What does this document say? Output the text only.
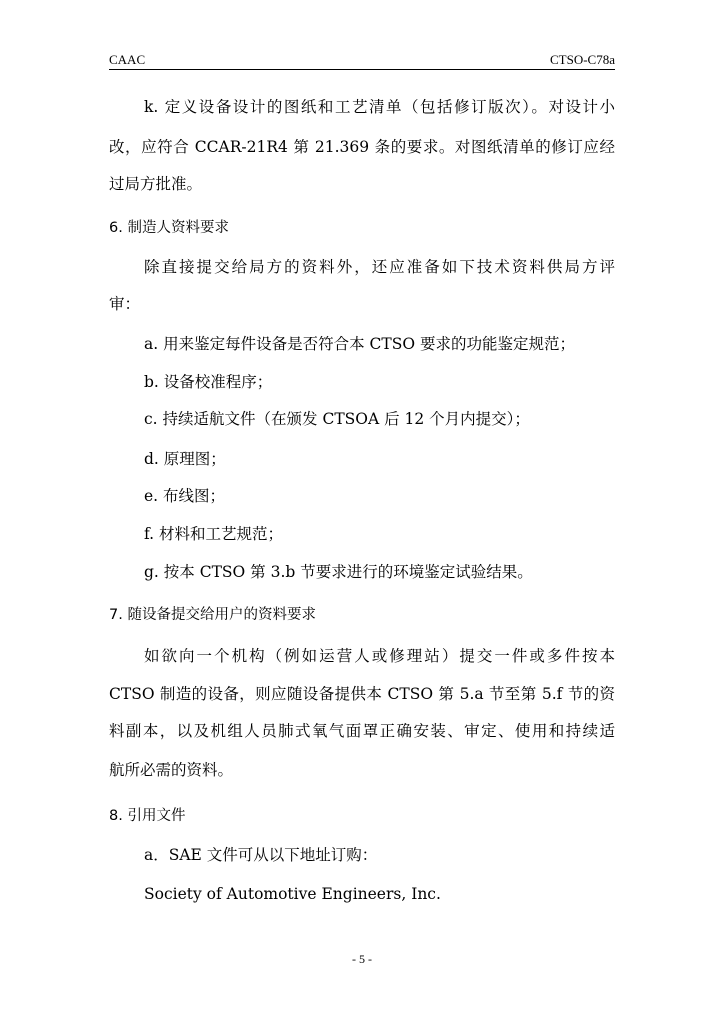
CAAC	CTSO-C78a
k. 定义设备设计的图纸和工艺清单（包括修订版次）。对设计小
改，应符合 CCAR-21R4 第 21.369 条的要求。对图纸清单的修订应经
过局方批准。
6. 制造人资料要求
除直接提交给局方的资料外，还应准备如下技术资料供局方评
审：
a. 用来鉴定每件设备是否符合本 CTSO 要求的功能鉴定规范；
b. 设备校准程序；
c. 持续适航文件（在颁发 CTSOA 后 12 个月内提交）；
d. 原理图；
e. 布线图；
f. 材料和工艺规范；
g. 按本 CTSO 第 3.b 节要求进行的环境鉴定试验结果。
7. 随设备提交给用户的资料要求
如欲向一个机构（例如运营人或修理站）提交一件或多件按本
CTSO 制造的设备，则应随设备提供本 CTSO 第 5.a 节至第 5.f 节的资
料副本，以及机组人员肺式氧气面罩正确安装、审定、使用和持续适
航所必需的资料。
8. 引用文件
a．SAE 文件可从以下地址订购：
Society of Automotive Engineers, Inc.
- 5 -
